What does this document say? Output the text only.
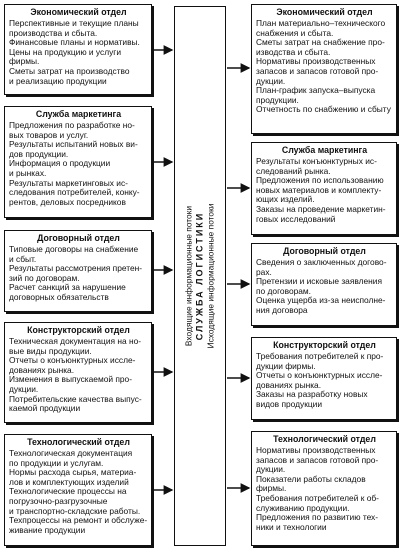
Экономический отдел
Перспективные и текущие планы
производства и сбыта.
Финансовые планы и нормативы.
Цены на продукцию и услуги
фирмы.
Сметы затрат на производство
и реализацию продукции
Служба маркетинга
Предложения по разработке но-
вых товаров и услуг.
Результаты испытаний новых ви-
дов продукции.
Информация о продукции
и рынках.
Результаты маркетинговых ис-
следования потребителей, конку-
рентов, деловых посредников
Договорный отдел
Типовые договоры на снабжение
и сбыт.
Результаты рассмотрения претен-
зий по договорам.
Расчет санкций за нарушение
договорных обязательств
Конструкторский отдел
Техническая документация на но-
вые виды продукции.
Отчеты о конъюнктурных иссле-
дованиях рынка.
Изменения в выпускаемой про-
дукции.
Потребительские качества выпус-
каемой продукции
Технологический отдел
Технологическая документация
по продукции и услугам.
Нормы расхода сырья, материа-
лов и комплектующих изделий
Технологические процессы на
погрузочно-разгрузочные
и транспортно-складские работы.
Техпроцессы на ремонт и обслуже-
живание продукции
Входящие информационные потоки СЛУЖБА ЛОГИСТИКИ Исходящие информационные потоки
Экономический отдел
План материально–технического
снабжения и сбыта.
Сметы затрат на снабжение про-
изводства и сбыта.
Нормативы производственных
запасов и запасов готовой про-
дукции.
План-график запуска–выпуска
продукции.
Отчетность по снабжению и сбыту
Служба маркетинга
Результаты конъюнктурных ис-
следований рынка.
Предложения по использованию
новых материалов и комплекту-
ющих изделий.
Заказы на проведение маркетин-
говых исследований
Договорный отдел
Сведения о заключенных догово-
рах.
Претензии и исковые заявления
по договорам.
Оценка ущерба из-за неисполне-
ния договора
Конструкторский отдел
Требования потребителей к про-
дукции фирмы.
Отчеты о конъюнктурных иссле-
дованиях рынка.
Заказы на разработку новых
видов продукции
Технологический отдел
Нормативы производственных
запасов и запасов готовой про-
дукции.
Показатели работы складов
фирмы.
Требования потребителей к об-
служиванию продукции.
Предложения по развитию тех-
ники и технологии
